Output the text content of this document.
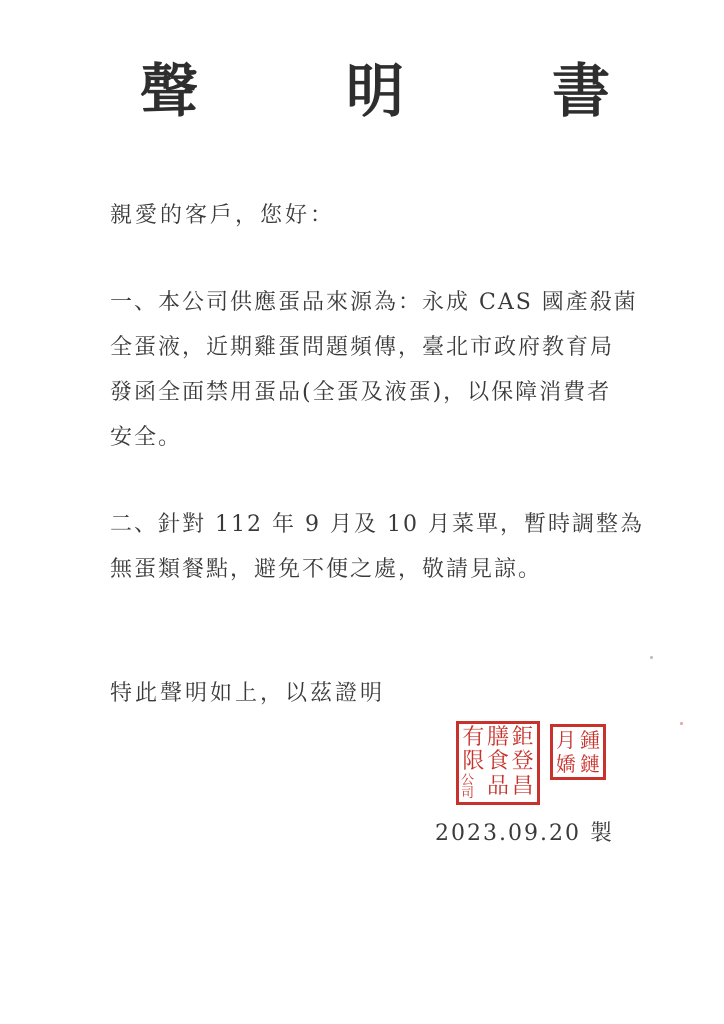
聲	明	書
親愛的客戶，您好：
一、本公司供應蛋品來源為：永成 CAS 國產殺菌
全蛋液，近期雞蛋問題頻傳，臺北市政府教育局
發函全面禁用蛋品(全蛋及液蛋)，以保障消費者
安全。
二、針對 112 年 9 月及 10 月菜單，暫時調整為
無蛋類餐點，避免不便之處，敬請見諒。
特此聲明如上，以茲證明
鉅
登
昌
膳
食
品
有
限
公司
鍾
鏈
月
嬌
2023.09.20 製
